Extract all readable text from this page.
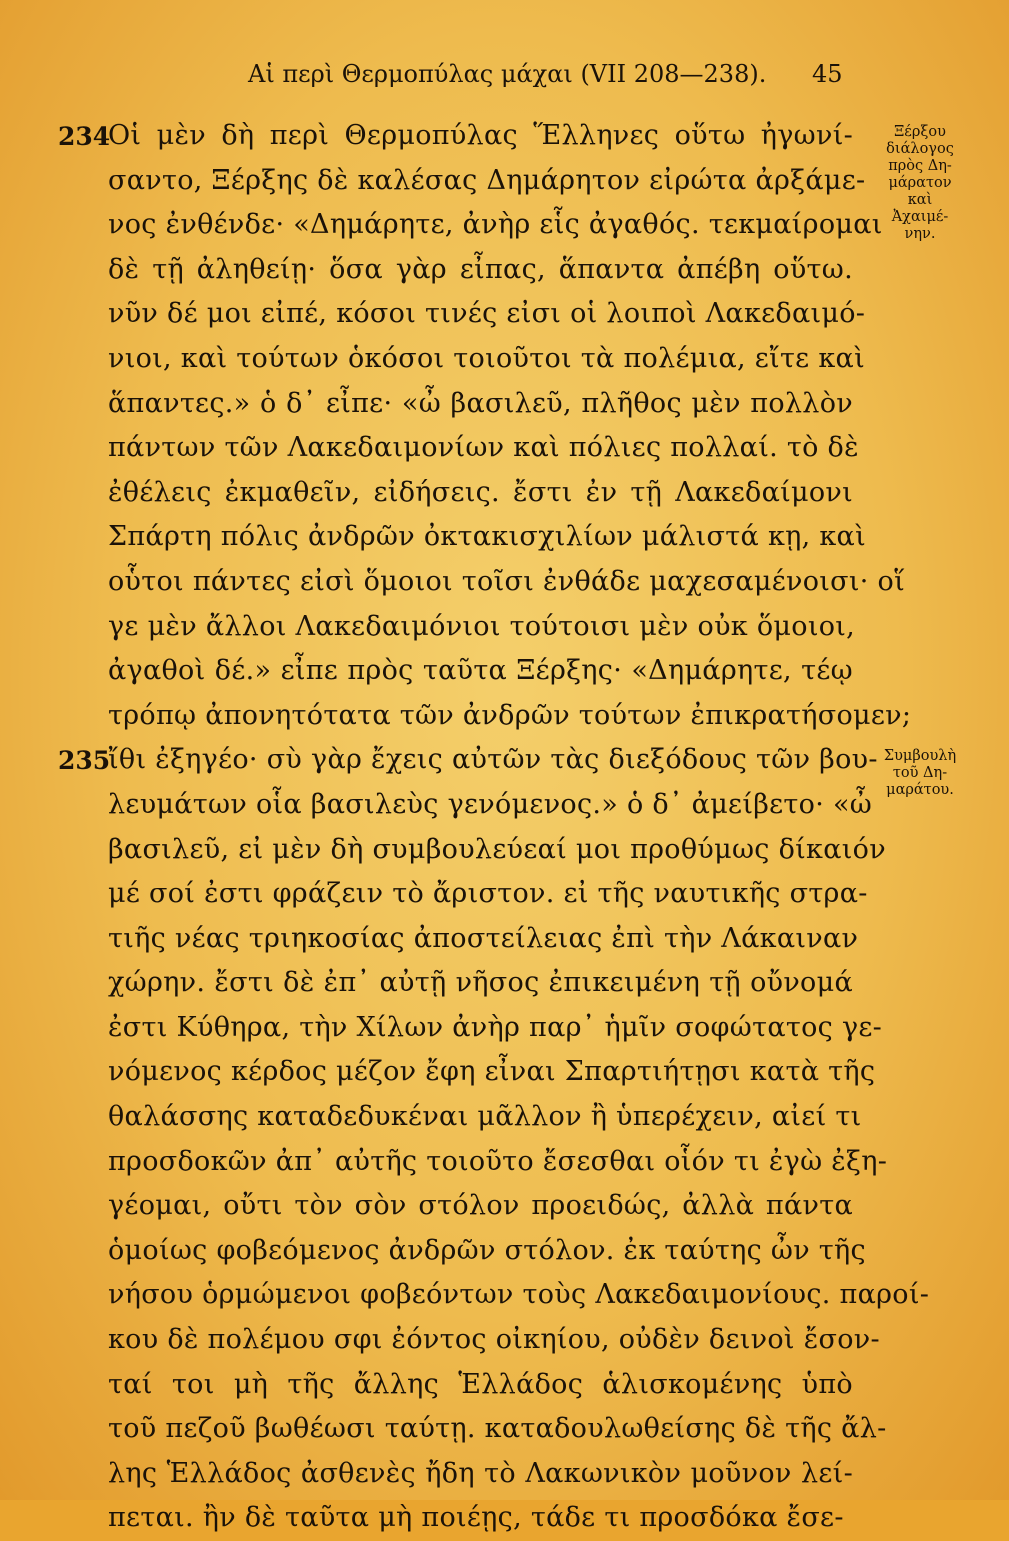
Αἱ περὶ Θερμοπύλας μάχαι (VII 208—238). 45
234
235
Οἱ μὲν δὴ περὶ Θερμοπύλας Ἕλληνες οὕτω ἠγωνί-
σαντο, Ξέρξης δὲ καλέσας Δημάρητον εἰρώτα ἀρξάμε-
νος ἐνθένδε· «Δημάρητε, ἀνὴρ εἷς ἀγαθός. τεκμαίρομαι
δὲ τῇ ἀληθείῃ· ὅσα γὰρ εἶπας, ἅπαντα ἀπέβη οὕτω.
νῦν δέ μοι εἰπέ, κόσοι τινές εἰσι οἱ λοιποὶ Λακεδαιμό-
νιοι, καὶ τούτων ὁκόσοι τοιοῦτοι τὰ πολέμια, εἴτε καὶ
ἅπαντες.» ὁ δ᾽ εἶπε· «ὦ βασιλεῦ, πλῆθος μὲν πολλὸν
πάντων τῶν Λακεδαιμονίων καὶ πόλιες πολλαί. τὸ δὲ
ἐθέλεις ἐκμαθεῖν, εἰδήσεις. ἔστι ἐν τῇ Λακεδαίμονι
Σπάρτη πόλις ἀνδρῶν ὀκτακισχιλίων μάλιστά κῃ, καὶ
οὗτοι πάντες εἰσὶ ὅμοιοι τοῖσι ἐνθάδε μαχεσαμένοισι· οἵ
γε μὲν ἄλλοι Λακεδαιμόνιοι τούτοισι μὲν οὐκ ὅμοιοι,
ἀγαθοὶ δέ.» εἶπε πρὸς ταῦτα Ξέρξης· «Δημάρητε, τέῳ
τρόπῳ ἀπονητότατα τῶν ἀνδρῶν τούτων ἐπικρατήσομεν;
ἴθι ἐξηγέο· σὺ γὰρ ἔχεις αὐτῶν τὰς διεξόδους τῶν βου-
λευμάτων οἷα βασιλεὺς γενόμενος.» ὁ δ᾽ ἀμείβετο· «ὦ
βασιλεῦ, εἰ μὲν δὴ συμβουλεύεαί μοι προθύμως δίκαιόν
μέ σοί ἐστι φράζειν τὸ ἄριστον. εἰ τῆς ναυτικῆς στρα-
τιῆς νέας τριηκοσίας ἀποστείλειας ἐπὶ τὴν Λάκαιναν
χώρην. ἔστι δὲ ἐπ᾽ αὐτῇ νῆσος ἐπικειμένη τῇ οὔνομά
ἐστι Κύθηρα, τὴν Χίλων ἀνὴρ παρ᾽ ἡμῖν σοφώτατος γε-
νόμενος κέρδος μέζον ἔφη εἶναι Σπαρτιήτῃσι κατὰ τῆς
θαλάσσης καταδεδυκέναι μᾶλλον ἢ ὑπερέχειν, αἰεί τι
προσδοκῶν ἀπ᾽ αὐτῆς τοιοῦτο ἔσεσθαι οἷόν τι ἐγὼ ἐξη-
γέομαι, οὔτι τὸν σὸν στόλον προειδώς, ἀλλὰ πάντα
ὁμοίως φοβεόμενος ἀνδρῶν στόλον. ἐκ ταύτης ὦν τῆς
νήσου ὁρμώμενοι φοβεόντων τοὺς Λακεδαιμονίους. παροί-
κου δὲ πολέμου σφι ἐόντος οἰκηίου, οὐδὲν δεινοὶ ἔσον-
ταί τοι μὴ τῆς ἄλλης Ἑλλάδος ἁλισκομένης ὑπὸ
τοῦ πεζοῦ βωθέωσι ταύτῃ. καταδουλωθείσης δὲ τῆς ἄλ-
λης Ἑλλάδος ἀσθενὲς ἤδη τὸ Λακωνικὸν μοῦνον λεί-
πεται. ἢν δὲ ταῦτα μὴ ποιέῃς, τάδε τι προσδόκα ἔσε-
Ξέρξου
διάλογος
πρὸς Δη-
μάρατον
καὶ
Ἀχαιμέ-
νην.
Συμβουλὴ
τοῦ Δη-
μαράτου.
